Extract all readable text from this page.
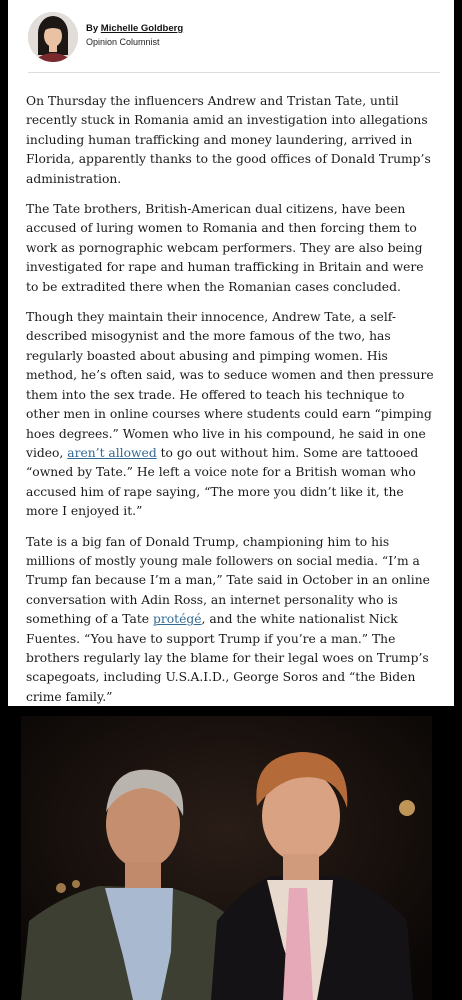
By Michelle Goldberg
Opinion Columnist

On Thursday the influencers Andrew and Tristan Tate, until recently stuck in Romania amid an investigation into allegations including human trafficking and money laundering, arrived in Florida, apparently thanks to the good offices of Donald Trump’s administration.

The Tate brothers, British-American dual citizens, have been accused of luring women to Romania and then forcing them to work as pornographic webcam performers. They are also being investigated for rape and human trafficking in Britain and were to be extradited there when the Romanian cases concluded.

Though they maintain their innocence, Andrew Tate, a self-described misogynist and the more famous of the two, has regularly boasted about abusing and pimping women. His method, he’s often said, was to seduce women and then pressure them into the sex trade. He offered to teach his technique to other men in online courses where students could earn “pimping hoes degrees.” Women who live in his compound, he said in one video, aren’t allowed to go out without him. Some are tattooed “owned by Tate.” He left a voice note for a British woman who accused him of rape saying, “The more you didn’t like it, the more I enjoyed it.”

Tate is a big fan of Donald Trump, championing him to his millions of mostly young male followers on social media. “I’m a Trump fan because I’m a man,” Tate said in October in an online conversation with Adin Ross, an internet personality who is something of a Tate protégé, and the white nationalist Nick Fuentes. “You have to support Trump if you’re a man.” The brothers regularly lay the blame for their legal woes on Trump’s scapegoats, including U.S.A.I.D., George Soros and “the Biden crime family.”
